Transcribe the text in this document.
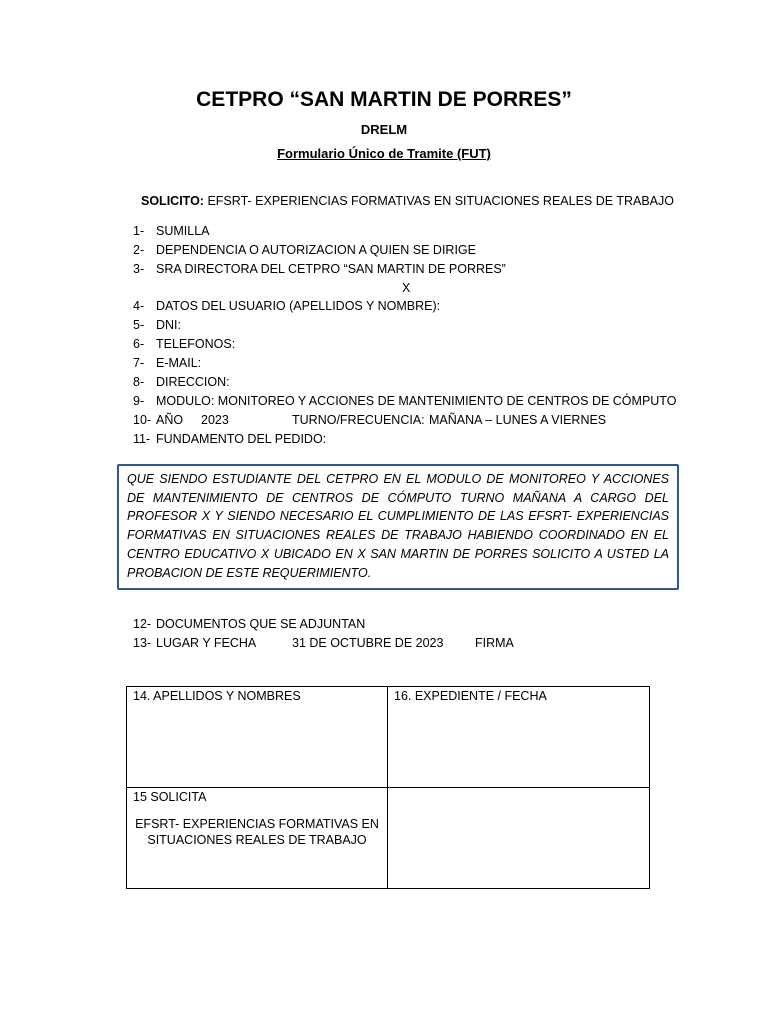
CETPRO “SAN MARTIN DE PORRES”
DRELM
Formulario Único de Tramite (FUT)
SOLICITO: EFSRT- EXPERIENCIAS FORMATIVAS EN SITUACIONES REALES DE TRABAJO
1- SUMILLA
2- DEPENDENCIA O AUTORIZACION A QUIEN SE DIRIGE
3- SRA DIRECTORA DEL CETPRO “SAN MARTIN DE PORRES”
X
4- DATOS DEL USUARIO (APELLIDOS Y NOMBRE):
5- DNI:
6- TELEFONOS:
7- E-MAIL:
8- DIRECCION:
9- MODULO: MONITOREO Y ACCIONES DE MANTENIMIENTO DE CENTROS DE CÓMPUTO
10- AÑO 2023	TURNO/FRECUENCIA: MAÑANA – LUNES A VIERNES
11- FUNDAMENTO DEL PEDIDO:

QUE SIENDO ESTUDIANTE DEL CETPRO EN EL MODULO DE MONITOREO Y ACCIONES DE MANTENIMIENTO DE CENTROS DE CÓMPUTO TURNO MAÑANA A CARGO DEL PROFESOR X Y SIENDO NECESARIO EL CUMPLIMIENTO DE LAS EFSRT- EXPERIENCIAS FORMATIVAS EN SITUACIONES REALES DE TRABAJO HABIENDO COORDINADO EN EL CENTRO EDUCATIVO X UBICADO EN X SAN MARTIN DE PORRES SOLICITO A USTED LA PROBACION DE ESTE REQUERIMIENTO.

12- DOCUMENTOS QUE SE ADJUNTAN
13- LUGAR Y FECHA	31 DE OCTUBRE DE 2023	FIRMA
14. APELLIDOS Y NOMBRES	16. EXPEDIENTE / FECHA

15 SOLICITA
EFSRT- EXPERIENCIAS FORMATIVAS EN
SITUACIONES REALES DE TRABAJO	
